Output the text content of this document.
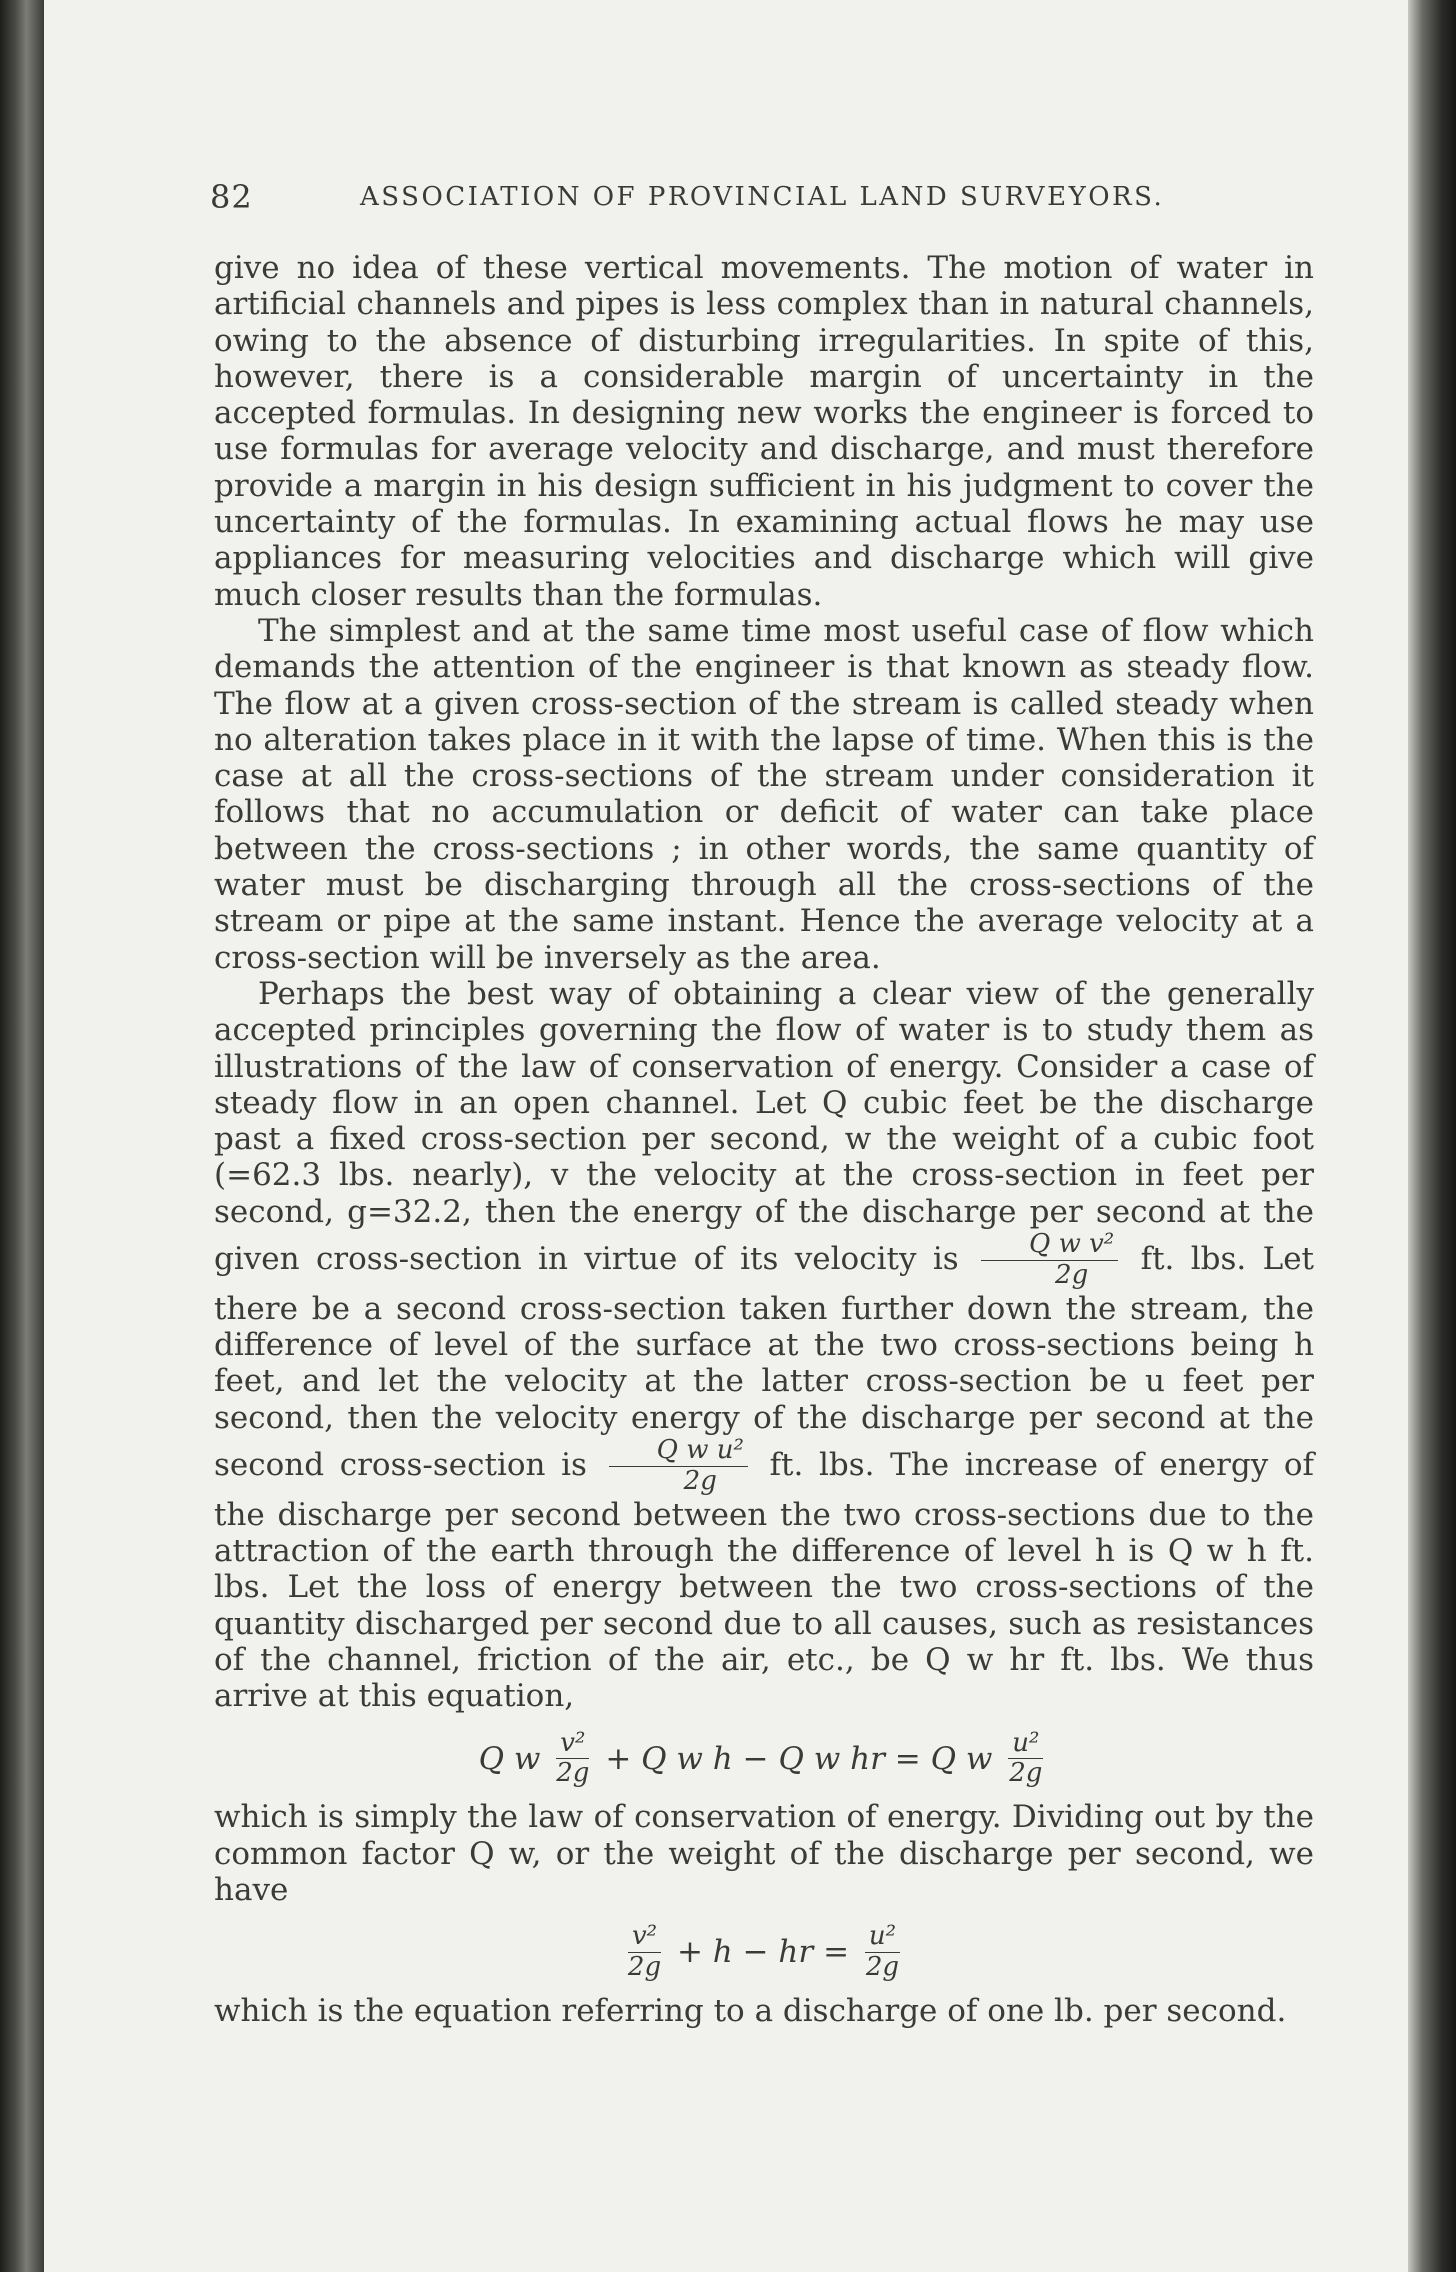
82	ASSOCIATION OF PROVINCIAL LAND SURVEYORS.

give no idea of these vertical movements. The motion of water in artificial channels and pipes is less complex than in natural channels, owing to the absence of disturbing irregularities. In spite of this, however, there is a considerable margin of uncertainty in the accepted formulas. In designing new works the engineer is forced to use formulas for average velocity and discharge, and must therefore provide a margin in his design sufficient in his judgment to cover the uncertainty of the formulas. In examining actual flows he may use appliances for measuring velocities and discharge which will give much closer results than the formulas.

The simplest and at the same time most useful case of flow which demands the attention of the engineer is that known as steady flow. The flow at a given cross-section of the stream is called steady when no alteration takes place in it with the lapse of time. When this is the case at all the cross-sections of the stream under consideration it follows that no accumulation or deficit of water can take place between the cross-sections ; in other words, the same quantity of water must be discharging through all the cross-sections of the stream or pipe at the same instant. Hence the average velocity at a cross-section will be inversely as the area.

Perhaps the best way of obtaining a clear view of the generally accepted principles governing the flow of water is to study them as illustrations of the law of conservation of energy. Consider a case of steady flow in an open channel. Let Q cubic feet be the discharge past a fixed cross-section per second, w the weight of a cubic foot (=62.3 lbs. nearly), v the velocity at the cross-section in feet per second, g=32.2, then the energy of the discharge per second at the given cross-section in virtue of its velocity is $\frac{\text{Q w v²}}{2g}$ ft. lbs. Let there be a second cross-section taken further down the stream, the difference of level of the surface at the two cross-sections being h feet, and let the velocity at the latter cross-section be u feet per second, then the velocity energy of the discharge per second at the second cross-section is $\frac{\text{Q w u²}}{2g}$ ft. lbs. The increase of energy of the discharge per second between the two cross-sections due to the attraction of the earth through the difference of level h is Q w h ft. lbs. Let the loss of energy between the two cross-sections of the quantity discharged per second due to all causes, such as resistances of the channel, friction of the air, etc., be Q w hr ft. lbs. We thus arrive at this equation,

Q w $\frac{\text{v²}}{2g} + Q$ w h − Q w hr = Q w $\frac{\text{u²}}{2g}$

which is simply the law of conservation of energy. Dividing out by the common factor Q w, or the weight of the discharge per second, we have

$\frac{\text{v²}}{2g} + h$ − hr = $\frac{\text{u²}}{2g}$

which is the equation referring to a discharge of one lb. per second.
